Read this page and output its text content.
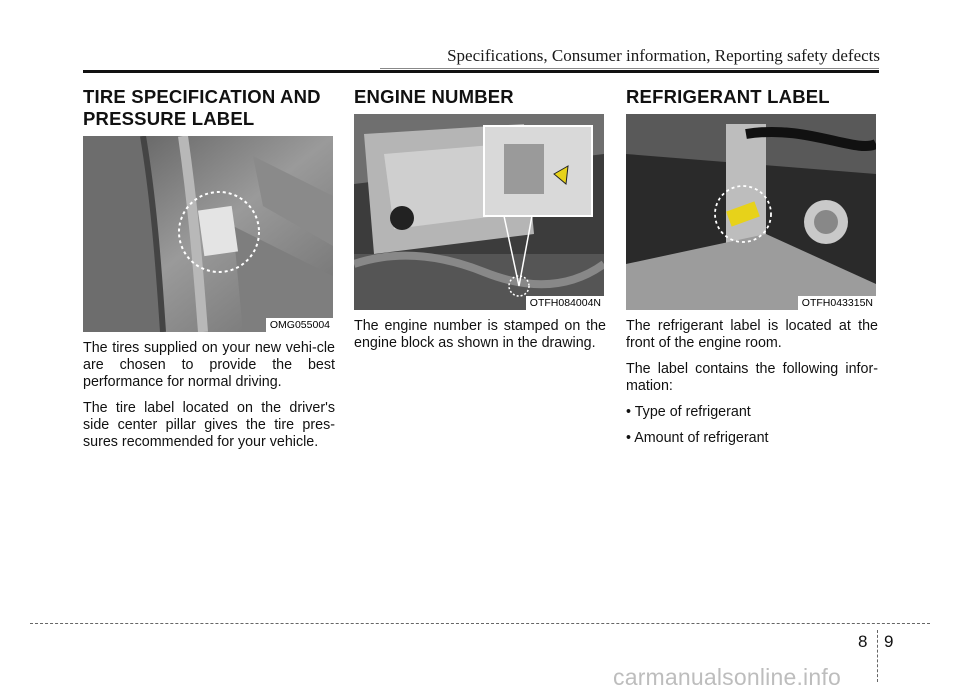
Specifications, Consumer information, Reporting safety defects
TIRE SPECIFICATION AND
PRESSURE LABEL
OMG055004

The tires supplied on your new vehi-cle are chosen to provide the best performance for normal driving.

The tire label located on the driver's side center pillar gives the tire pres-sures recommended for your vehicle.

ENGINE NUMBER
OTFH084004N

The engine number is stamped on the engine block as shown in the drawing.

REFRIGERANT LABEL
OTFH043315N

The refrigerant label is located at the front of the engine room.

The label contains the following infor-mation:

• Type of refrigerant
• Amount of refrigerant
8 9
carmanualsonline.info
